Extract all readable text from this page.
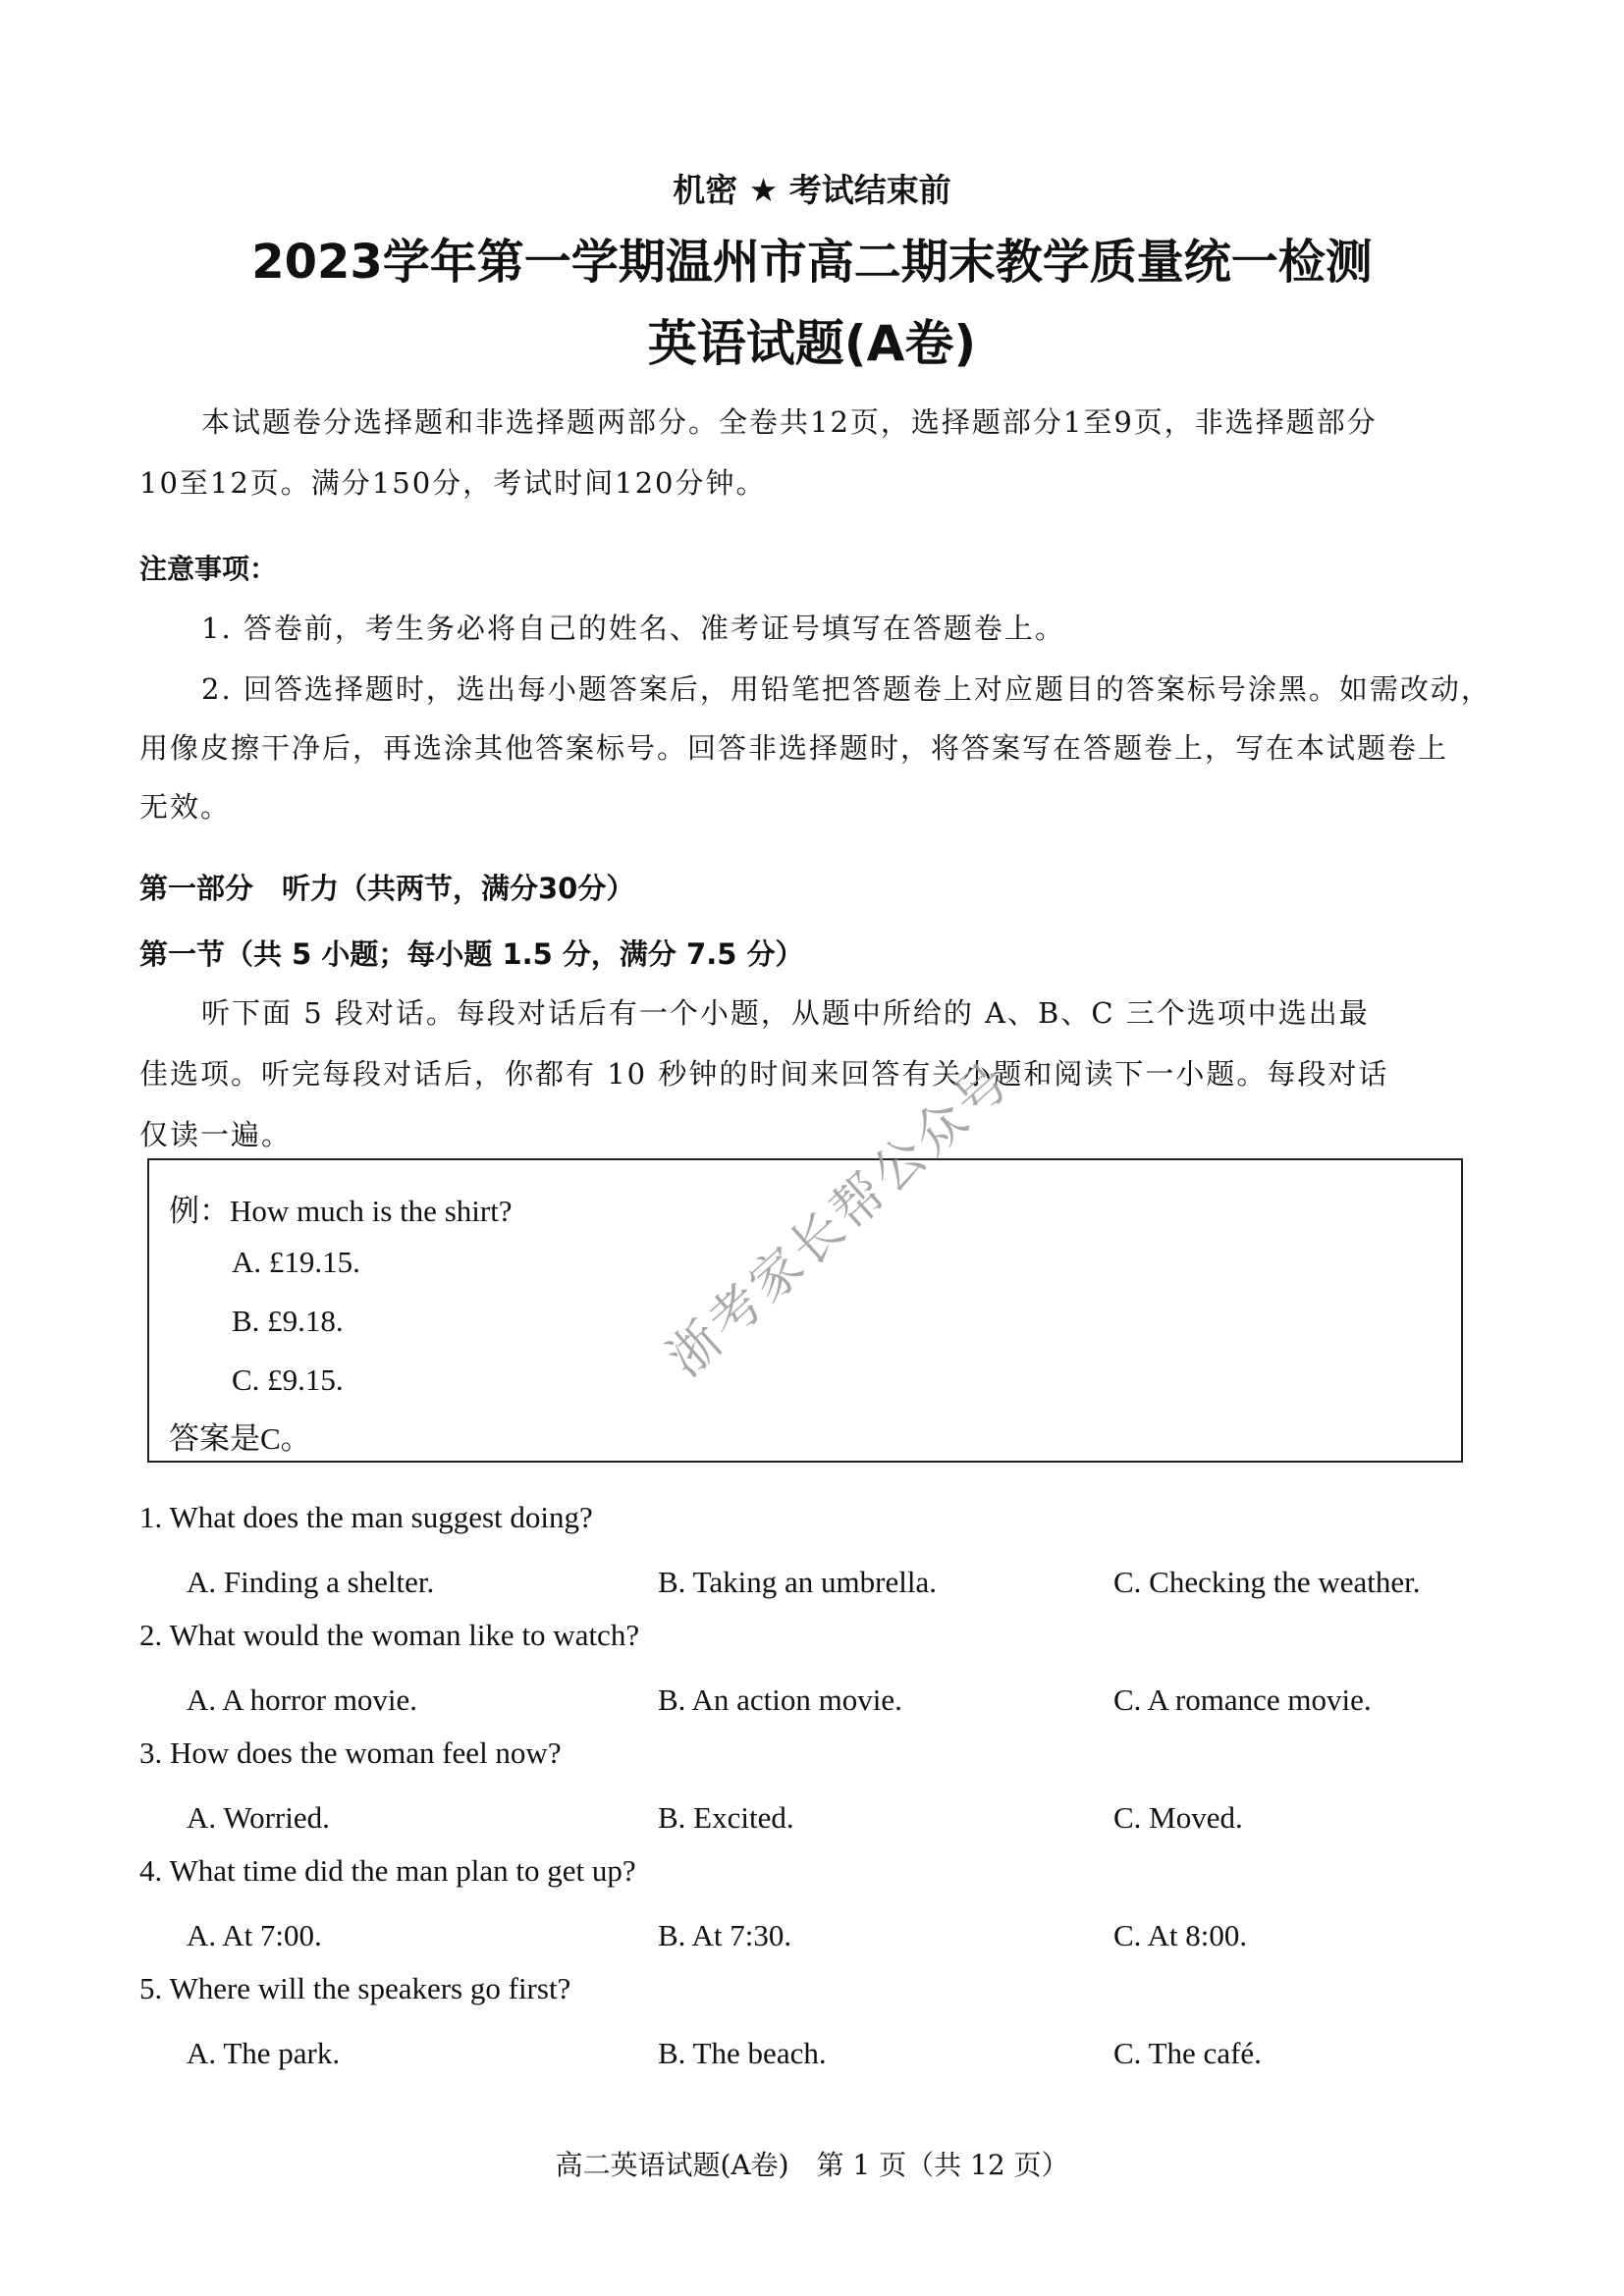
机密 ★ 考试结束前
2023学年第一学期温州市高二期末教学质量统一检测
英语试题(A卷)
本试题卷分选择题和非选择题两部分。全卷共12页，选择题部分1至9页，非选择题部分
10至12页。满分150分，考试时间120分钟。
注意事项：
1. 答卷前，考生务必将自己的姓名、准考证号填写在答题卷上。
2. 回答选择题时，选出每小题答案后，用铅笔把答题卷上对应题目的答案标号涂黑。如需改动，
用像皮擦干净后，再选涂其他答案标号。回答非选择题时，将答案写在答题卷上，写在本试题卷上
无效。
第一部分　听力（共两节，满分30分）
第一节（共 5 小题；每小题 1.5 分，满分 7.5 分）
听下面 5 段对话。每段对话后有一个小题，从题中所给的 A、B、C 三个选项中选出最
佳选项。听完每段对话后，你都有 10 秒钟的时间来回答有关小题和阅读下一小题。每段对话
仅读一遍。
例：How much is the shirt?
A. £19.15.
B. £9.18.
C. £9.15.
答案是C。
浙考家长帮公众号
1. What does the man suggest doing?
A. Finding a shelter.	B. Taking an umbrella.	C. Checking the weather.
2. What would the woman like to watch?
A. A horror movie.	B. An action movie.	C. A romance movie.
3. How does the woman feel now?
A. Worried.	B. Excited.	C. Moved.
4. What time did the man plan to get up?
A. At 7:00.	B. At 7:30.	C. At 8:00.
5. Where will the speakers go first?
A. The park.	B. The beach.	C. The café.
高二英语试题(A卷)　第 1 页（共 12 页）
